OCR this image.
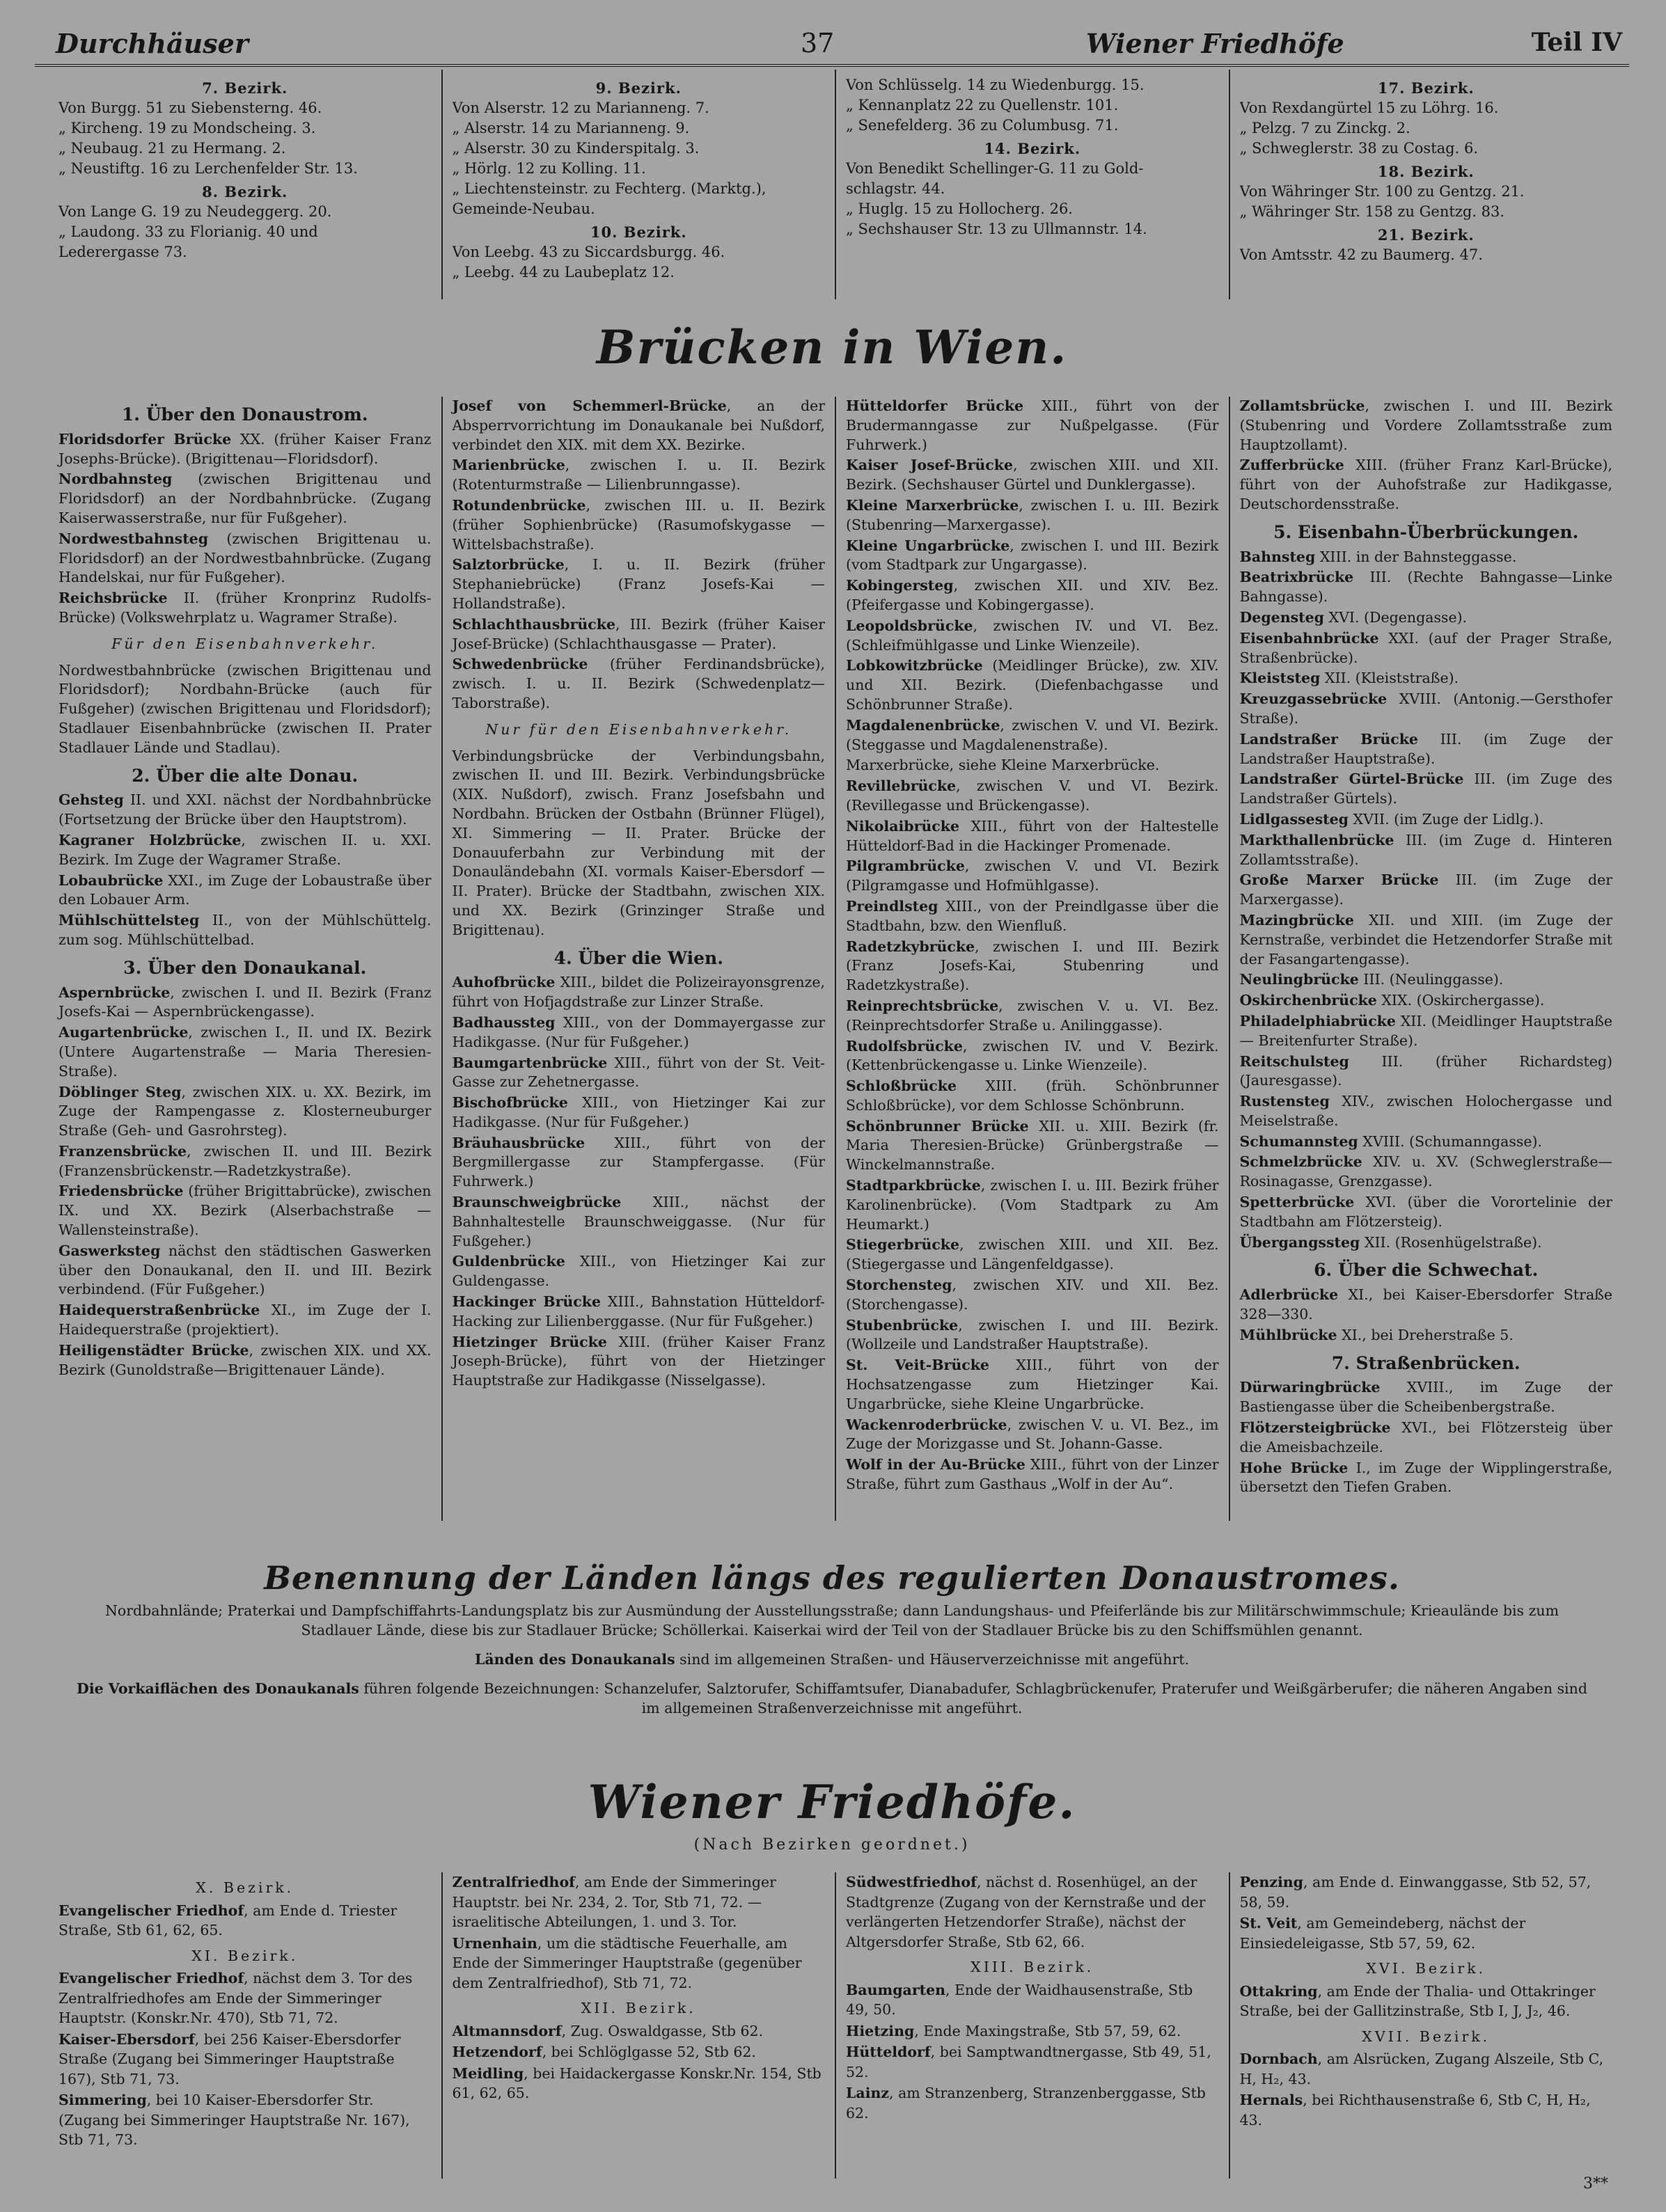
Durchhäuser	37	Wiener Friedhöfe	Teil IV
7. Bezirk.
Von Burgg. 51 zu Siebensterng. 46.
„ Kircheng. 19 zu Mondscheing. 3.
„ Neubaug. 21 zu Hermang. 2.
„ Neustiftg. 16 zu Lerchenfelder Str. 13.
8. Bezirk.
Von Lange G. 19 zu Neudeggerg. 20.
„ Laudong. 33 zu Florianig. 40 und
Lederergasse 73.
9. Bezirk.
Von Alserstr. 12 zu Marianneng. 7.
„ Alserstr. 14 zu Marianneng. 9.
„ Alserstr. 30 zu Kinderspitalg. 3.
„ Hörlg. 12 zu Kolling. 11.
„ Liechtensteinstr. zu Fechterg. (Marktg.),
Gemeinde-Neubau.
10. Bezirk.
Von Leebg. 43 zu Siccardsburgg. 46.
„ Leebg. 44 zu Laubeplatz 12.
Von Schlüsselg. 14 zu Wiedenburgg. 15.
„ Kennanplatz 22 zu Quellenstr. 101.
„ Senefelderg. 36 zu Columbusg. 71.
14. Bezirk.
Von Benedikt Schellinger-G. 11 zu Gold-
schlagstr. 44.
„ Huglg. 15 zu Hollocherg. 26.
„ Sechshauser Str. 13 zu Ullmannstr. 14.
17. Bezirk.
Von Rexdangürtel 15 zu Löhrg. 16.
„ Pelzg. 7 zu Zinckg. 2.
„ Schweglerstr. 38 zu Costag. 6.
18. Bezirk.
Von Währinger Str. 100 zu Gentzg. 21.
„ Währinger Str. 158 zu Gentzg. 83.
21. Bezirk.
Von Amtsstr. 42 zu Baumerg. 47.
Brücken in Wien.
1. Über den Donaustrom.
Floridsdorfer Brücke XX. (früher Kaiser Franz Josephs-Brücke). (Brigittenau—Floridsdorf).
Nordbahnsteg (zwischen Brigittenau und Floridsdorf) an der Nordbahnbrücke. (Zugang Kaiserwasserstraße, nur für Fußgeher).
Nordwestbahnsteg (zwischen Brigittenau u. Floridsdorf) an der Nordwestbahnbrücke. (Zugang Handelskai, nur für Fußgeher).
Reichsbrücke II. (früher Kronprinz Rudolfs-Brücke) (Volkswehrplatz u. Wagramer Straße).
Für den Eisenbahnverkehr.
Nordwestbahnbrücke (zwischen Brigittenau und Floridsdorf); Nordbahn-Brücke (auch für Fußgeher) (zwischen Brigittenau und Floridsdorf); Stadlauer Eisenbahnbrücke (zwischen II. Prater Stadlauer Lände und Stadlau).
2. Über die alte Donau.
Gehsteg II. und XXI. nächst der Nordbahnbrücke (Fortsetzung der Brücke über den Hauptstrom).
Kagraner Holzbrücke, zwischen II. u. XXI. Bezirk. Im Zuge der Wagramer Straße.
Lobaubrücke XXI., im Zuge der Lobaustraße über den Lobauer Arm.
Mühlschüttelsteg II., von der Mühlschüttelg. zum sog. Mühlschüttelbad.
3. Über den Donaukanal.
Aspernbrücke, zwischen I. und II. Bezirk (Franz Josefs-Kai — Aspernbrückengasse).
Augartenbrücke, zwischen I., II. und IX. Bezirk (Untere Augartenstraße — Maria Theresien-Straße).
Döblinger Steg, zwischen XIX. u. XX. Bezirk, im Zuge der Rampengasse z. Klosterneuburger Straße (Geh- und Gasrohrsteg).
Franzensbrücke, zwischen II. und III. Bezirk (Franzensbrückenstr.—Radetzkystraße).
Friedensbrücke (früher Brigittabrücke), zwischen IX. und XX. Bezirk (Alserbachstraße — Wallensteinstraße).
Gaswerksteg nächst den städtischen Gaswerken über den Donaukanal, den II. und III. Bezirk verbindend. (Für Fußgeher.)
Haidequerstraßenbrücke XI., im Zuge der I. Haidequerstraße (projektiert).
Heiligenstädter Brücke, zwischen XIX. und XX. Bezirk (Gunoldstraße—Brigittenauer Lände).
Josef von Schemmerl-Brücke, an der Absperrvorrichtung im Donaukanale bei Nußdorf, verbindet den XIX. mit dem XX. Bezirke.
Marienbrücke, zwischen I. u. II. Bezirk (Rotenturmstraße — Lilienbrunngasse).
Rotundenbrücke, zwischen III. u. II. Bezirk (früher Sophienbrücke) (Rasumofskygasse — Wittelsbachstraße).
Salztorbrücke, I. u. II. Bezirk (früher Stephaniebrücke) (Franz Josefs-Kai — Hollandstraße).
Schlachthausbrücke, III. Bezirk (früher Kaiser Josef-Brücke) (Schlachthausgasse — Prater).
Schwedenbrücke (früher Ferdinandsbrücke), zwisch. I. u. II. Bezirk (Schwedenplatz—Taborstraße).
Nur für den Eisenbahnverkehr.
Verbindungsbrücke der Verbindungsbahn, zwischen II. und III. Bezirk. Verbindungsbrücke (XIX. Nußdorf), zwisch. Franz Josefsbahn und Nordbahn. Brücken der Ostbahn (Brünner Flügel), XI. Simmering — II. Prater. Brücke der Donauuferbahn zur Verbindung mit der Donauländebahn (XI. vormals Kaiser-Ebersdorf — II. Prater). Brücke der Stadtbahn, zwischen XIX. und XX. Bezirk (Grinzinger Straße und Brigittenau).
4. Über die Wien.
Auhofbrücke XIII., bildet die Polizeirayonsgrenze, führt von Hofjagdstraße zur Linzer Straße.
Badhaussteg XIII., von der Dommayergasse zur Hadikgasse. (Nur für Fußgeher.)
Baumgartenbrücke XIII., führt von der St. Veit-Gasse zur Zehetnergasse.
Bischofbrücke XIII., von Hietzinger Kai zur Hadikgasse. (Nur für Fußgeher.)
Bräuhausbrücke XIII., führt von der Bergmillergasse zur Stampfergasse. (Für Fuhrwerk.)
Braunschweigbrücke XIII., nächst der Bahnhaltestelle Braunschweiggasse. (Nur für Fußgeher.)
Guldenbrücke XIII., von Hietzinger Kai zur Guldengasse.
Hackinger Brücke XIII., Bahnstation Hütteldorf-Hacking zur Lilienberggasse. (Nur für Fußgeher.)
Hietzinger Brücke XIII. (früher Kaiser Franz Joseph-Brücke), führt von der Hietzinger Hauptstraße zur Hadikgasse (Nisselgasse).
Hütteldorfer Brücke XIII., führt von der Brudermanngasse zur Nußpelgasse. (Für Fuhrwerk.)
Kaiser Josef-Brücke, zwischen XIII. und XII. Bezirk. (Sechshauser Gürtel und Dunklergasse).
Kleine Marxerbrücke, zwischen I. u. III. Bezirk (Stubenring—Marxergasse).
Kleine Ungarbrücke, zwischen I. und III. Bezirk (vom Stadtpark zur Ungargasse).
Kobingersteg, zwischen XII. und XIV. Bez. (Pfeifergasse und Kobingergasse).
Leopoldsbrücke, zwischen IV. und VI. Bez. (Schleifmühlgasse und Linke Wienzeile).
Lobkowitzbrücke (Meidlinger Brücke), zw. XIV. und XII. Bezirk. (Diefenbachgasse und Schönbrunner Straße).
Magdalenenbrücke, zwischen V. und VI. Bezirk. (Steggasse und Magdalenenstraße).
Marxerbrücke, siehe Kleine Marxerbrücke.
Revillebrücke, zwischen V. und VI. Bezirk. (Revillegasse und Brückengasse).
Nikolaibrücke XIII., führt von der Haltestelle Hütteldorf-Bad in die Hackinger Promenade.
Pilgrambrücke, zwischen V. und VI. Bezirk (Pilgramgasse und Hofmühlgasse).
Preindlsteg XIII., von der Preindlgasse über die Stadtbahn, bzw. den Wienfluß.
Radetzkybrücke, zwischen I. und III. Bezirk (Franz Josefs-Kai, Stubenring und Radetzkystraße).
Reinprechtsbrücke, zwischen V. u. VI. Bez. (Reinprechtsdorfer Straße u. Anilinggasse).
Rudolfsbrücke, zwischen IV. und V. Bezirk. (Kettenbrückengasse u. Linke Wienzeile).
Schloßbrücke XIII. (früh. Schönbrunner Schloßbrücke), vor dem Schlosse Schönbrunn.
Schönbrunner Brücke XII. u. XIII. Bezirk (fr. Maria Theresien-Brücke) Grünbergstraße — Winckelmannstraße.
Stadtparkbrücke, zwischen I. u. III. Bezirk früher Karolinenbrücke). (Vom Stadtpark zu Am Heumarkt.)
Stiegerbrücke, zwischen XIII. und XII. Bez. (Stiegergasse und Längenfeldgasse).
Storchensteg, zwischen XIV. und XII. Bez. (Storchengasse).
Stubenbrücke, zwischen I. und III. Bezirk. (Wollzeile und Landstraßer Hauptstraße).
St. Veit-Brücke XIII., führt von der Hochsatzengasse zum Hietzinger Kai. Ungarbrücke, siehe Kleine Ungarbrücke.
Wackenroderbrücke, zwischen V. u. VI. Bez., im Zuge der Morizgasse und St. Johann-Gasse.
Wolf in der Au-Brücke XIII., führt von der Linzer Straße, führt zum Gasthaus „Wolf in der Au“.
Zollamtsbrücke, zwischen I. und III. Bezirk (Stubenring und Vordere Zollamtsstraße zum Hauptzollamt).
Zufferbrücke XIII. (früher Franz Karl-Brücke), führt von der Auhofstraße zur Hadikgasse, Deutschordensstraße.
5. Eisenbahn-Überbrückungen.
Bahnsteg XIII. in der Bahnsteggasse.
Beatrixbrücke III. (Rechte Bahngasse—Linke Bahngasse).
Degensteg XVI. (Degengasse).
Eisenbahnbrücke XXI. (auf der Prager Straße, Straßenbrücke).
Kleiststeg XII. (Kleiststraße).
Kreuzgassebrücke XVIII. (Antonig.—Gersthofer Straße).
Landstraßer Brücke III. (im Zuge der Landstraßer Hauptstraße).
Landstraßer Gürtel-Brücke III. (im Zuge des Landstraßer Gürtels).
Lidlgassesteg XVII. (im Zuge der Lidlg.).
Markthallenbrücke III. (im Zuge d. Hinteren Zollamtsstraße).
Große Marxer Brücke III. (im Zuge der Marxergasse).
Mazingbrücke XII. und XIII. (im Zuge der Kernstraße, verbindet die Hetzendorfer Straße mit der Fasangartengasse).
Neulingbrücke III. (Neulinggasse).
Oskirchenbrücke XIX. (Oskirchergasse).
Philadelphiabrücke XII. (Meidlinger Hauptstraße — Breitenfurter Straße).
Reitschulsteg III. (früher Richardsteg) (Jauresgasse).
Rustensteg XIV., zwischen Holochergasse und Meiselstraße.
Schumannsteg XVIII. (Schumanngasse).
Schmelzbrücke XIV. u. XV. (Schweglerstraße—Rosinagasse, Grenzgasse).
Spetterbrücke XVI. (über die Vorortelinie der Stadtbahn am Flötzersteig).
Übergangssteg XII. (Rosenhügelstraße).
6. Über die Schwechat.
Adlerbrücke XI., bei Kaiser-Ebersdorfer Straße 328—330.
Mühlbrücke XI., bei Dreherstraße 5.
7. Straßenbrücken.
Dürwaringbrücke XVIII., im Zuge der Bastiengasse über die Scheibenbergstraße.
Flötzersteigbrücke XVI., bei Flötzersteig über die Ameisbachzeile.
Hohe Brücke I., im Zuge der Wipplingerstraße, übersetzt den Tiefen Graben.
Benennung der Länden längs des regulierten Donaustromes.

Nordbahnlände; Praterkai und Dampfschiffahrts-Landungsplatz bis zur Ausmündung der Ausstellungsstraße; dann Landungshaus- und Pfeiferlände bis zur Militärschwimmschule; Krieaulände bis zum Stadlauer Lände, diese bis zur Stadlauer Brücke; Schöllerkai. Kaiserkai wird der Teil von der Stadlauer Brücke bis zu den Schiffsmühlen genannt.

Länden des Donaukanals sind im allgemeinen Straßen- und Häuserverzeichnisse mit angeführt.

Die Vorkaiflächen des Donaukanals führen folgende Bezeichnungen: Schanzelufer, Salztorufer, Schiffamtsufer, Dianabadufer, Schlagbrückenufer, Praterufer und Weißgärberufer; die näheren Angaben sind im allgemeinen Straßenverzeichnisse mit angeführt.

Wiener Friedhöfe.
(Nach Bezirken geordnet.)
X. Bezirk.
Evangelischer Friedhof, am Ende d. Triester Straße, Stb 61, 62, 65.
XI. Bezirk.
Evangelischer Friedhof, nächst dem 3. Tor des Zentralfriedhofes am Ende der Simmeringer Hauptstr. (Konskr.Nr. 470), Stb 71, 72.
Kaiser-Ebersdorf, bei 256 Kaiser-Ebersdorfer Straße (Zugang bei Simmeringer Hauptstraße 167), Stb 71, 73.
Simmering, bei 10 Kaiser-Ebersdorfer Str. (Zugang bei Simmeringer Hauptstraße Nr. 167), Stb 71, 73.
Zentralfriedhof, am Ende der Simmeringer Hauptstr. bei Nr. 234, 2. Tor, Stb 71, 72. — israelitische Abteilungen, 1. und 3. Tor.
Urnenhain, um die städtische Feuerhalle, am Ende der Simmeringer Hauptstraße (gegenüber dem Zentralfriedhof), Stb 71, 72.
XII. Bezirk.
Altmannsdorf, Zug. Oswaldgasse, Stb 62.
Hetzendorf, bei Schlöglgasse 52, Stb 62.
Meidling, bei Haidackergasse Konskr.Nr. 154, Stb 61, 62, 65.
Südwestfriedhof, nächst d. Rosenhügel, an der Stadtgrenze (Zugang von der Kernstraße und der verlängerten Hetzendorfer Straße), nächst der Altgersdorfer Straße, Stb 62, 66.
XIII. Bezirk.
Baumgarten, Ende der Waidhausenstraße, Stb 49, 50.
Hietzing, Ende Maxingstraße, Stb 57, 59, 62.
Hütteldorf, bei Samptwandtnergasse, Stb 49, 51, 52.
Lainz, am Stranzenberg, Stranzenberggasse, Stb 62.
Penzing, am Ende d. Einwanggasse, Stb 52, 57, 58, 59.
St. Veit, am Gemeindeberg, nächst der Einsiedeleigasse, Stb 57, 59, 62.
XVI. Bezirk.
Ottakring, am Ende der Thalia- und Ottakringer Straße, bei der Gallitzinstraße, Stb I, J, J₂, 46.
XVII. Bezirk.
Dornbach, am Alsrücken, Zugang Alszeile, Stb C, H, H₂, 43.
Hernals, bei Richthausenstraße 6, Stb C, H, H₂, 43.
3**
